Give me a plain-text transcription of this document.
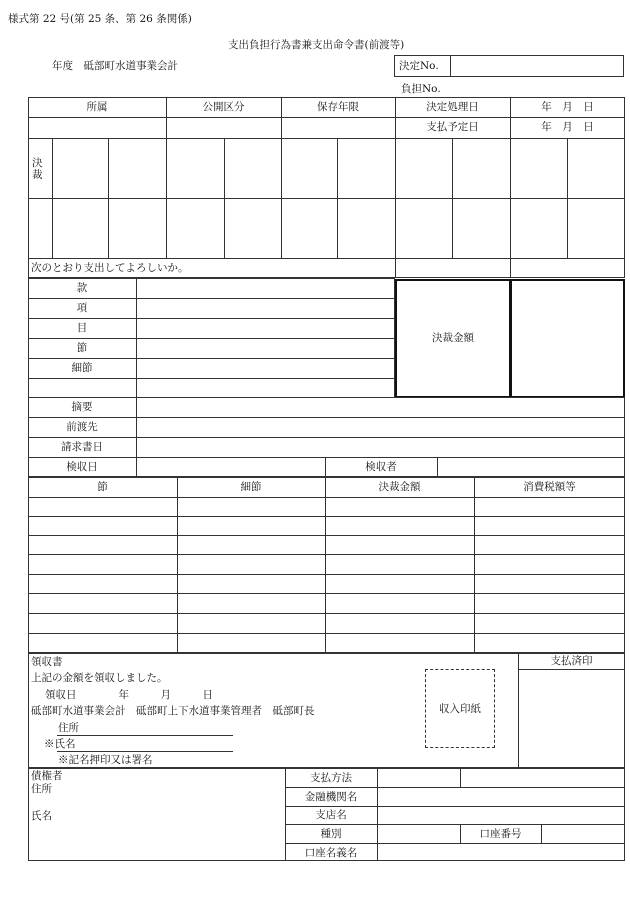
様式第 22 号(第 25 条、第 26 条関係)
支出負担行為書兼支出命令書(前渡等)
年度　砥部町水道事業会計	決定No.
負担No.
所属	公開区分	保存年限	決定処理日	年　月　日
支払予定日	年　月　日
決
裁
次のとおり支出してよろしいか。
款
項
目
節
細節
決裁金額
摘要
前渡先
請求書日
検収日	検収者
節	細節	決裁金額	消費税額等
支払済印
領収書
上記の金額を領収しました。
領収日　　　　年　　　月　　　日
砥部町水道事業会計　砥部町上下水道事業管理者　砥部町長
住所
※氏名
※記名押印又は署名
収入印紙
債権者
住所
氏名
支払方法
金融機関名
支店名
種別	口座番号
口座名義名
